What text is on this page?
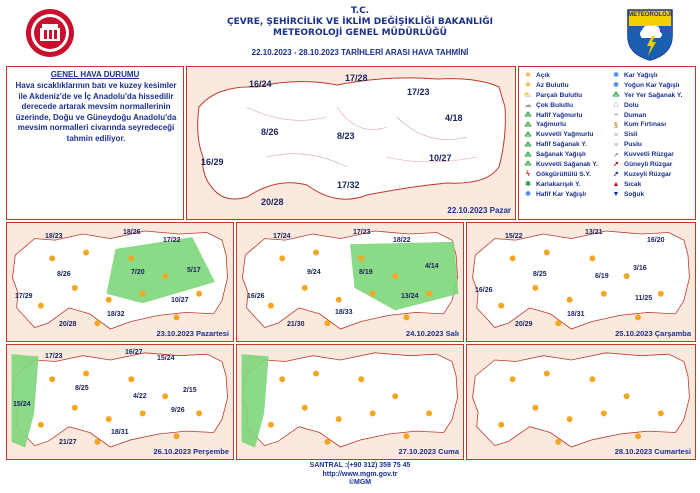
T.C.
ÇEVRE, ŞEHİRCİLİK VE İKLİM DEĞİŞİKLİĞİ BAKANLIĞI
METEOROLOJİ GENEL MÜDÜRLÜĞÜ
22.10.2023 - 28.10.2023 TARİHLERİ ARASI HAVA TAHMİNİ
METEOROLOJİ
GENEL HAVA DURUMU
Hava sıcaklıklarının batı ve kuzey kesimler ile Akdeniz'de ve İç Anadolu'da hissedilir derecede artarak mevsim normallerinin üzerinde, Doğu ve Güneydoğu Anadolu'da mevsim normalleri civarında seyredeceği tahmin ediliyor.
22.10.2023 Pazar
16/24
17/28
17/23
4/18
8/26	8/23
16/29	10/27
17/32
20/28
☀ Açık
☀ Az Bulutlu
⛅ Parçalı Bulutlu
☁ Çok Bulutlu
⁂ Hafif Yağmurlu
⁂ Yağmurlu
⁂ Kuvvetli Yağmurlu
⁂ Hafif Sağanak Y.
⁂ Sağanak Yağışlı
⁂ Kuvvetli Sağanak Y.
ϟ Gökgürültülü S.Y.
✱ Karlakarışık Y.
✱ Hafif Kar Yağışlı
✱ Kar Yağışlı
✱ Yoğun Kar Yağışlı
⁂ Yer Yer Sağanak Y.
∴ Dolu
≡ Duman
§ Kum Fırtınası
≡ Sisli
≡ Puslu
➚ Kuvvetli Rüzgar
➚ Güneyli Rüzgar
➚ Kuzeyli Rüzgar
▲ Sıcak
▼ Soğuk
23.10.2023 Pazartesi
18/23
18/26
17/22
7/20	5/17
8/26
17/29
10/27
18/32
20/28
24.10.2023 Salı
17/24
17/23
18/22
4/14
9/24	8/19
16/26	13/24
18/33
21/30
25.10.2023 Çarşamba
15/22
13/21
16/20
3/16
8/25	6/19
16/26
11/25
18/31
20/29
26.10.2023 Perşembe
17/23
16/27
15/24
2/15
8/25
4/22
15/24
9/26
18/31
21/27
27.10.2023 Cuma	28.10.2023 Cumartesi
SANTRAL :(+90 312) 359 75 45
http://www.mgm.gov.tr
©MGM
